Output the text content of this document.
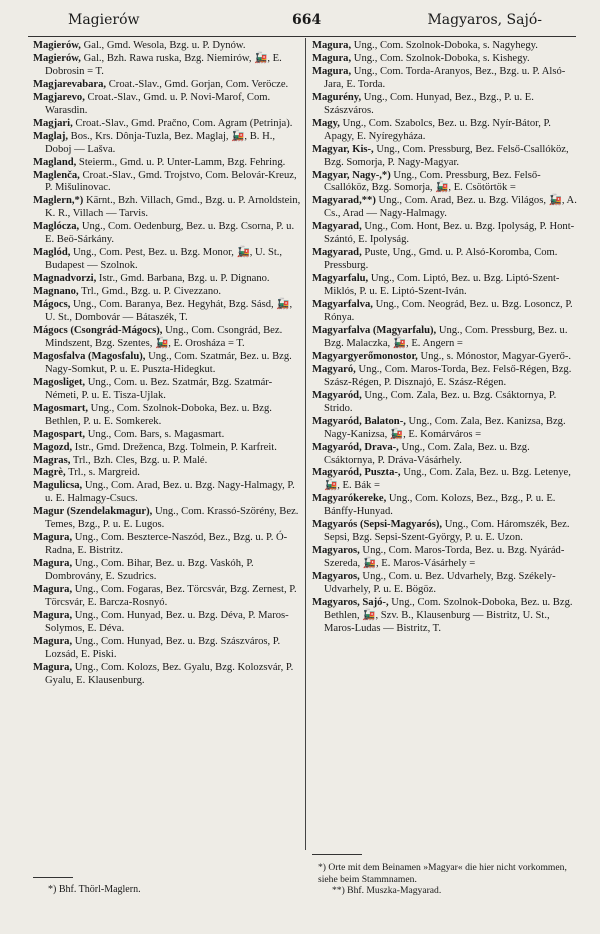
Magierów	664	Magyaros, Sajó-

Magierów, Gal., Gmd. Wesola, Bzg. u. P. Dynów.

Magierów, Gal., Bzh. Rawa ruska, Bzg. Niemirów, 🚂, E. Dobrosin = T.

Magjarevabara, Croat.-Slav., Gmd. Gorjan, Com. Veröcze.

Magjarevo, Croat.-Slav., Gmd. u. P. Novi-Marof, Com. Warasdin.

Magjari, Croat.-Slav., Gmd. Pračno, Com. Agram (Petrinja).

Maglaj, Bos., Krs. Dônja-Tuzla, Bez. Maglaj, 🚂, B. H., Doboj — Lašva.

Magland, Steierm., Gmd. u. P. Unter-Lamm, Bzg. Fehring.

Maglenča, Croat.-Slav., Gmd. Trojstvo, Com. Belovár-Kreuz, P. Mišulinovac.

Maglern,*) Kärnt., Bzh. Villach, Gmd., Bzg. u. P. Arnoldstein, K. R., Villach — Tarvis.

Maglócza, Ung., Com. Oedenburg, Bez. u. Bzg. Csorna, P. u. E. Beö-Sárkány.

Maglód, Ung., Com. Pest, Bez. u. Bzg. Monor, 🚂, U. St., Budapest — Szolnok.

Magnadvorzi, Istr., Gmd. Barbana, Bzg. u. P. Dignano.

Magnano, Trl., Gmd., Bzg. u. P. Civezzano.

Mágocs, Ung., Com. Baranya, Bez. Hegyhát, Bzg. Sásd, 🚂, U. St., Dombovár — Bátaszék, T.

Mágocs (Csongrád-Mágocs), Ung., Com. Csongrád, Bez. Mindszent, Bzg. Szentes, 🚂, E. Orosháza = T.

Magosfalva (Magosfalu), Ung., Com. Szatmár, Bez. u. Bzg. Nagy-Somkut, P. u. E. Puszta-Hidegkut.

Magosliget, Ung., Com. u. Bez. Szatmár, Bzg. Szatmár-Németi, P. u. E. Tisza-Ujlak.

Magosmart, Ung., Com. Szolnok-Doboka, Bez. u. Bzg. Bethlen, P. u. E. Somkerek.

Magospart, Ung., Com. Bars, s. Magasmart.

Magozd, Istr., Gmd. Dreženca, Bzg. Tolmein, P. Karfreit.

Magras, Trl., Bzh. Cles, Bzg. u. P. Malé.

Magrè, Trl., s. Margreid.

Magulicsa, Ung., Com. Arad, Bez. u. Bzg. Nagy-Halmagy, P. u. E. Halmagy-Csucs.

Magur (Szendelakmagur), Ung., Com. Krassó-Szörény, Bez. Temes, Bzg., P. u. E. Lugos.

Magura, Ung., Com. Beszterce-Naszód, Bez., Bzg. u. P. Ó-Radna, E. Bistritz.

Magura, Ung., Com. Bihar, Bez. u. Bzg. Vaskóh, P. Dombrovány, E. Szudrics.

Magura, Ung., Com. Fogaras, Bez. Törcsvár, Bzg. Zernest, P. Törcsvár, E. Barcza-Rosnyó.

Magura, Ung., Com. Hunyad, Bez. u. Bzg. Déva, P. Maros-Solymos, E. Déva.

Magura, Ung., Com. Hunyad, Bez. u. Bzg. Szászváros, P. Lozsád, E. Piski.

Magura, Ung., Com. Kolozs, Bez. Gyalu, Bzg. Kolozsvár, P. Gyalu, E. Klausenburg.

Magura, Ung., Com. Szolnok-Doboka, s. Nagyhegy.

Magura, Ung., Com. Szolnok-Doboka, s. Kishegy.

Magura, Ung., Com. Torda-Aranyos, Bez., Bzg. u. P. Alsó-Jara, E. Torda.

Magurény, Ung., Com. Hunyad, Bez., Bzg., P. u. E. Szászváros.

Magy, Ung., Com. Szabolcs, Bez. u. Bzg. Nyír-Bátor, P. Apagy, E. Nyíregyháza.

Magyar, Kis-, Ung., Com. Pressburg, Bez. Felső-Csallóköz, Bzg. Somorja, P. Nagy-Magyar.

Magyar, Nagy-,*) Ung., Com. Pressburg, Bez. Felső-Csallóköz, Bzg. Somorja, 🚂, E. Csötörtök =

Magyarad,**) Ung., Com. Arad, Bez. u. Bzg. Világos, 🚂, A. Cs., Arad — Nagy-Halmagy.

Magyarad, Ung., Com. Hont, Bez. u. Bzg. Ipolyság, P. Hont-Szántó, E. Ipolyság.

Magyarad, Puste, Ung., Gmd. u. P. Alsó-Koromba, Com. Pressburg.

Magyarfalu, Ung., Com. Liptó, Bez. u. Bzg. Liptó-Szent-Miklós, P. u. E. Liptó-Szent-Iván.

Magyarfalva, Ung., Com. Neográd, Bez. u. Bzg. Losoncz, P. Rónya.

Magyarfalva (Magyarfalu), Ung., Com. Pressburg, Bez. u. Bzg. Malaczka, 🚂, E. Angern =

Magyargyerőmonostor, Ung., s. Mónostor, Magyar-Gyerő-.

Magyaró, Ung., Com. Maros-Torda, Bez. Felső-Régen, Bzg. Szász-Régen, P. Disznajó, E. Szász-Régen.

Magyaród, Ung., Com. Zala, Bez. u. Bzg. Csáktornya, P. Strido.

Magyaród, Balaton-, Ung., Com. Zala, Bez. Kanizsa, Bzg. Nagy-Kanizsa, 🚂, E. Komárváros =

Magyaród, Drava-, Ung., Com. Zala, Bez. u. Bzg. Csáktornya, P. Dráva-Vásárhely.

Magyaród, Puszta-, Ung., Com. Zala, Bez. u. Bzg. Letenye, 🚂, E. Bák =

Magyarókereke, Ung., Com. Kolozs, Bez., Bzg., P. u. E. Bánffy-Hunyad.

Magyarós (Sepsi-Magyarós), Ung., Com. Háromszék, Bez. Sepsi, Bzg. Sepsi-Szent-György, P. u. E. Uzon.

Magyaros, Ung., Com. Maros-Torda, Bez. u. Bzg. Nyárád-Szereda, 🚂, E. Maros-Vásárhely =

Magyaros, Ung., Com. u. Bez. Udvarhely, Bzg. Székely-Udvarhely, P. u. E. Bögöz.

Magyaros, Sajó-, Ung., Com. Szolnok-Doboka, Bez. u. Bzg. Bethlen, 🚂, Szv. B., Klausenburg — Bistritz, U. St., Maros-Ludas — Bistritz, T.

*) Bhf. Thörl-Maglern.
*) Orte mit dem Beinamen »Magyar« die hier nicht vorkommen, siehe beim Stammnamen.
**) Bhf. Muszka-Magyarad.
